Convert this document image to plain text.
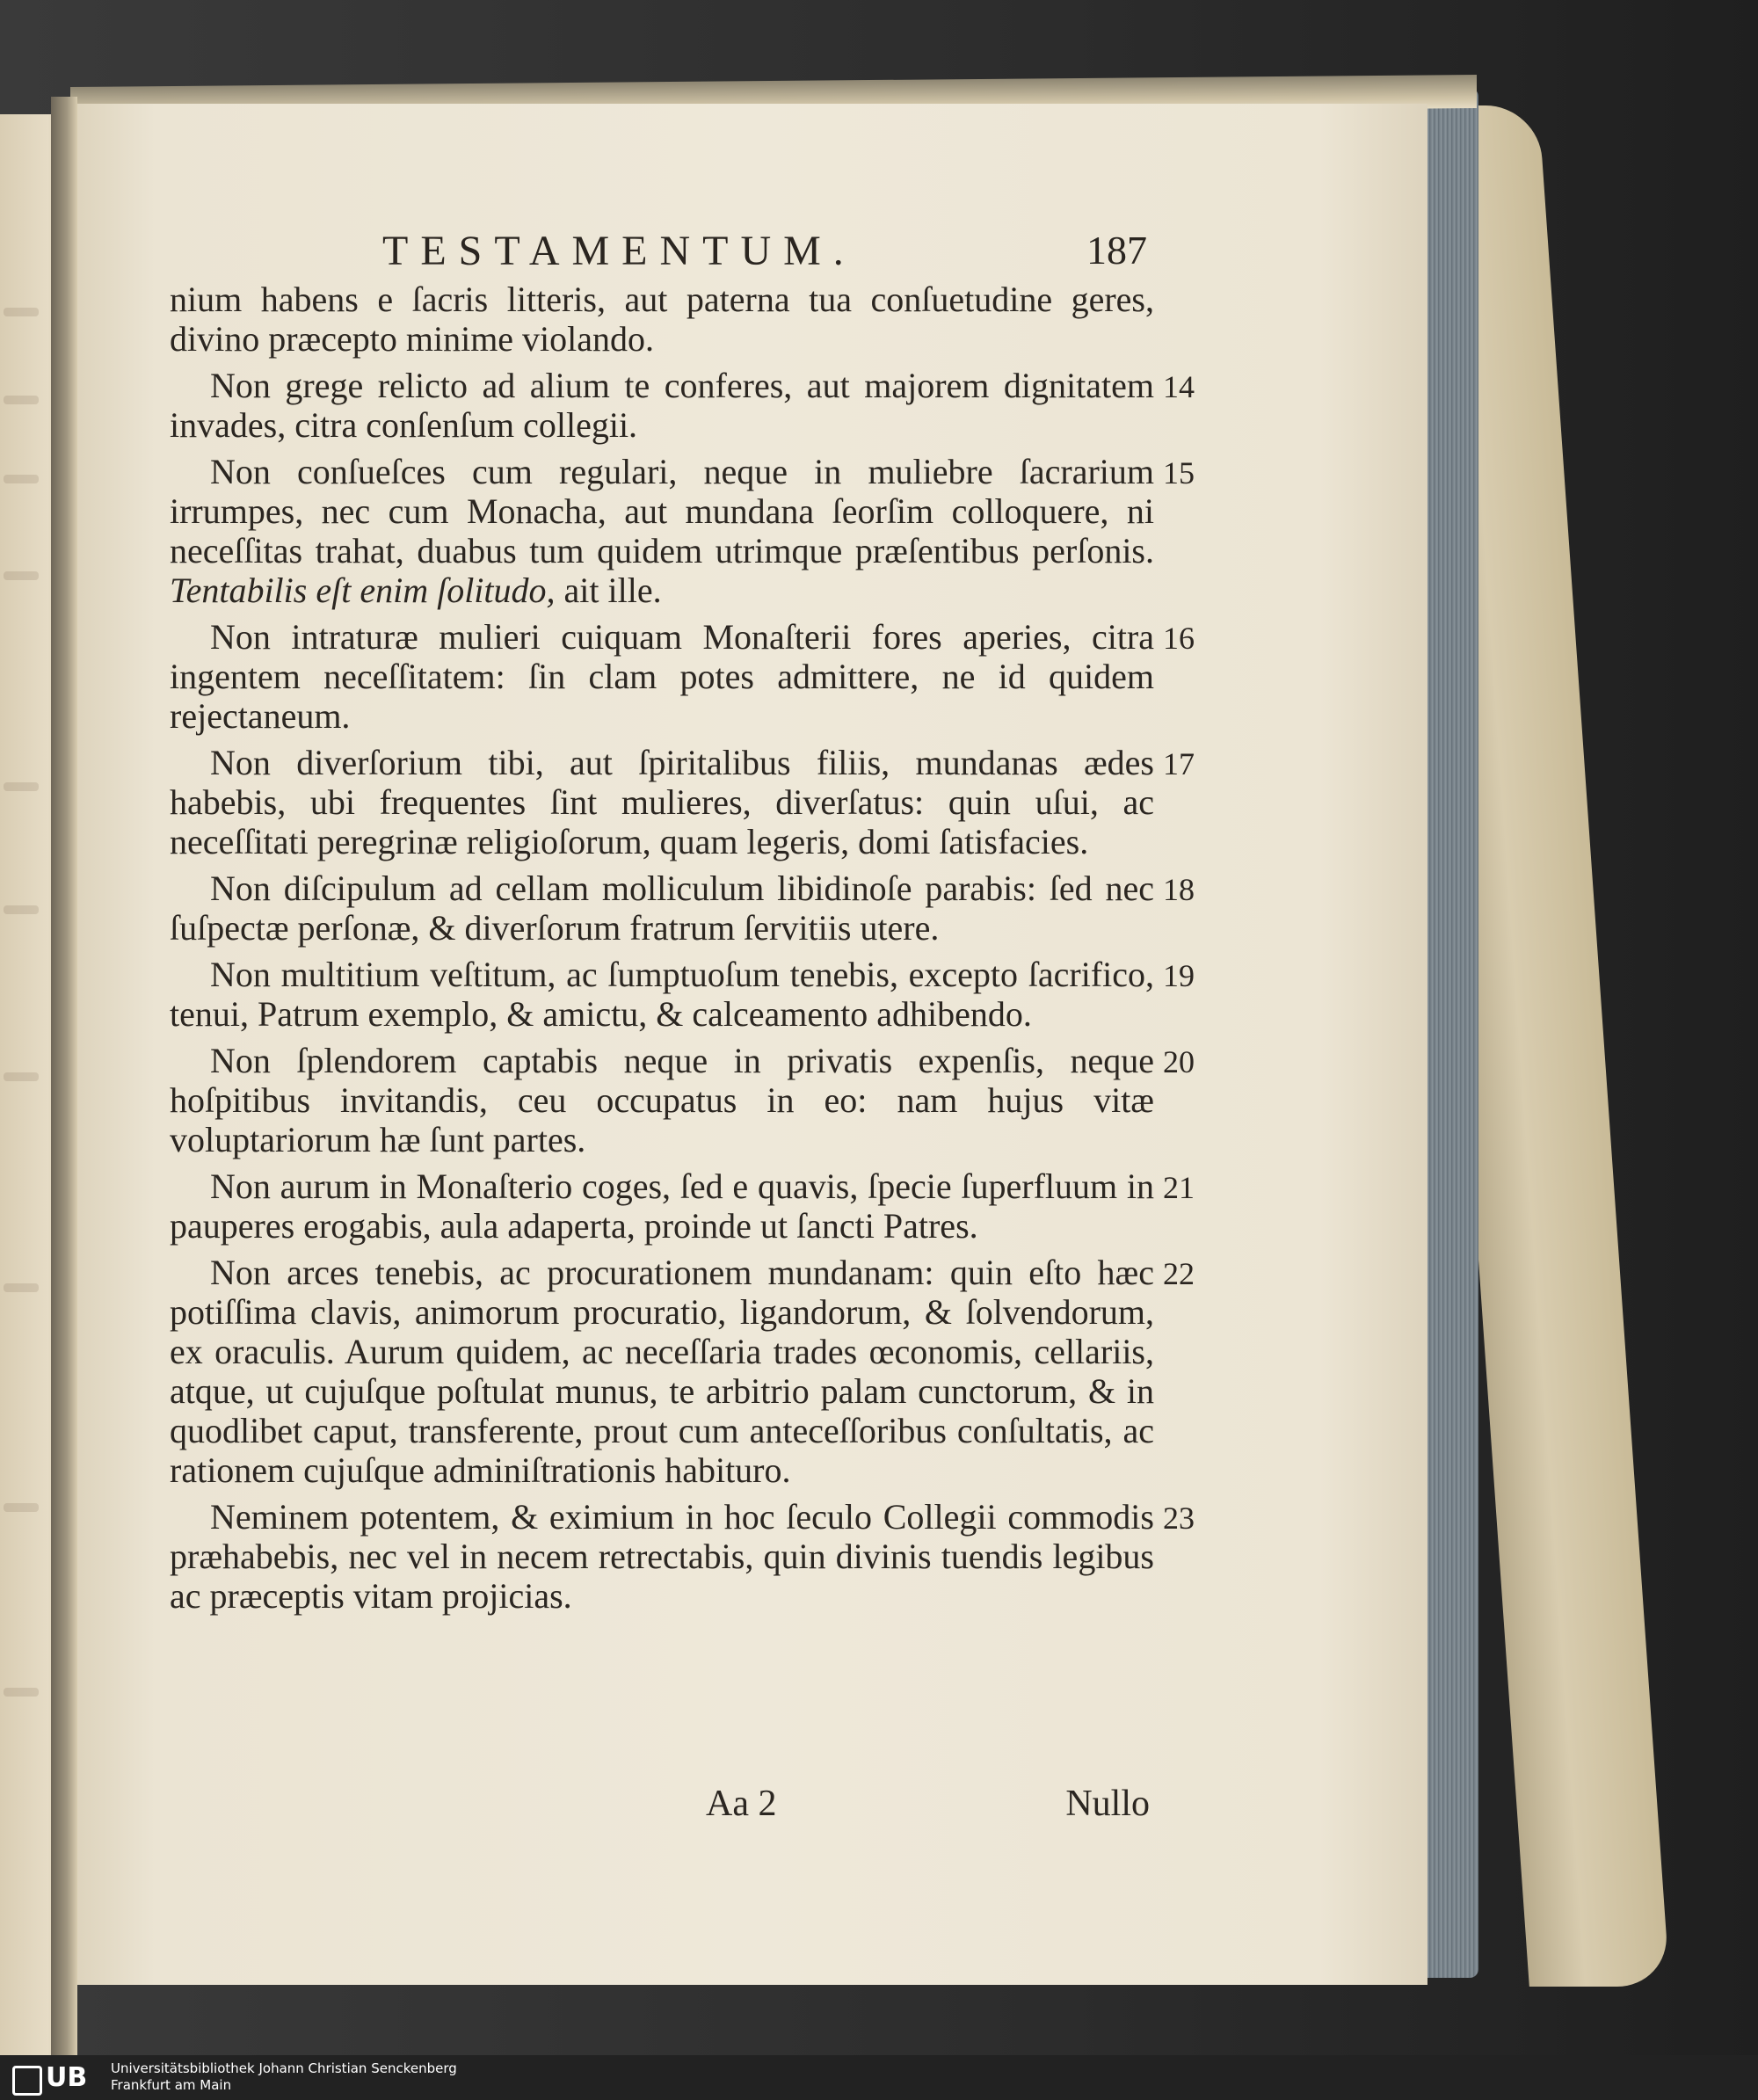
TESTAMENTUM.	187

nium habens e ſacris litteris, aut paterna tua conſuetudine geres, divino præcepto minime violando.

Non grege relicto ad alium te conferes, aut majorem dignitatem invades, citra conſenſum collegii.
14

Non conſueſces cum regulari, neque in muliebre ſacrarium irrumpes, nec cum Monacha, aut mundana ſeorſim colloquere, ni neceſſitas trahat, duabus tum quidem utrimque præſentibus perſonis. Tentabilis eſt enim ſolitudo, ait ille.
15

Non intraturæ mulieri cuiquam Monaſterii fores aperies, citra ingentem neceſſitatem: ſin clam potes admittere, ne id quidem rejectaneum.
16

Non diverſorium tibi, aut ſpiritalibus filiis, mundanas ædes habebis, ubi frequentes ſint mulieres, diverſatus: quin uſui, ac neceſſitati peregrinæ religioſorum, quam legeris, domi ſatisfacies.
17

Non diſcipulum ad cellam molliculum libidinoſe parabis: ſed nec ſuſpectæ perſonæ, & diverſorum fratrum ſervitiis utere.
18

Non multitium veſtitum, ac ſumptuoſum tenebis, excepto ſacrifico, tenui, Patrum exemplo, & amictu, & calceamento adhibendo.
19

Non ſplendorem captabis neque in privatis expenſis, neque hoſpitibus invitandis, ceu occupatus in eo: nam hujus vitæ voluptariorum hæ ſunt partes.
20

Non aurum in Monaſterio coges, ſed e quavis, ſpecie ſuperfluum in pauperes erogabis, aula adaperta, proinde ut ſancti Patres.
21

Non arces tenebis, ac procurationem mundanam: quin eſto hæc potiſſima clavis, animorum procuratio, ligandorum, & ſolvendorum, ex oraculis. Aurum quidem, ac neceſſaria trades œconomis, cellariis, atque, ut cujuſque poſtulat munus, te arbitrio palam cunctorum, & in quodlibet caput, transferente, prout cum anteceſſoribus conſultatis, ac rationem cujuſque adminiſtrationis habituro.
22

Neminem potentem, & eximium in hoc ſeculo Collegii commodis præhabebis, nec vel in necem retrectabis, quin divinis tuendis legibus ac præceptis vitam projicias.
23

Aa 2	Nullo
UB	Universitätsbibliothek Johann Christian Senckenberg
Frankfurt am Main
